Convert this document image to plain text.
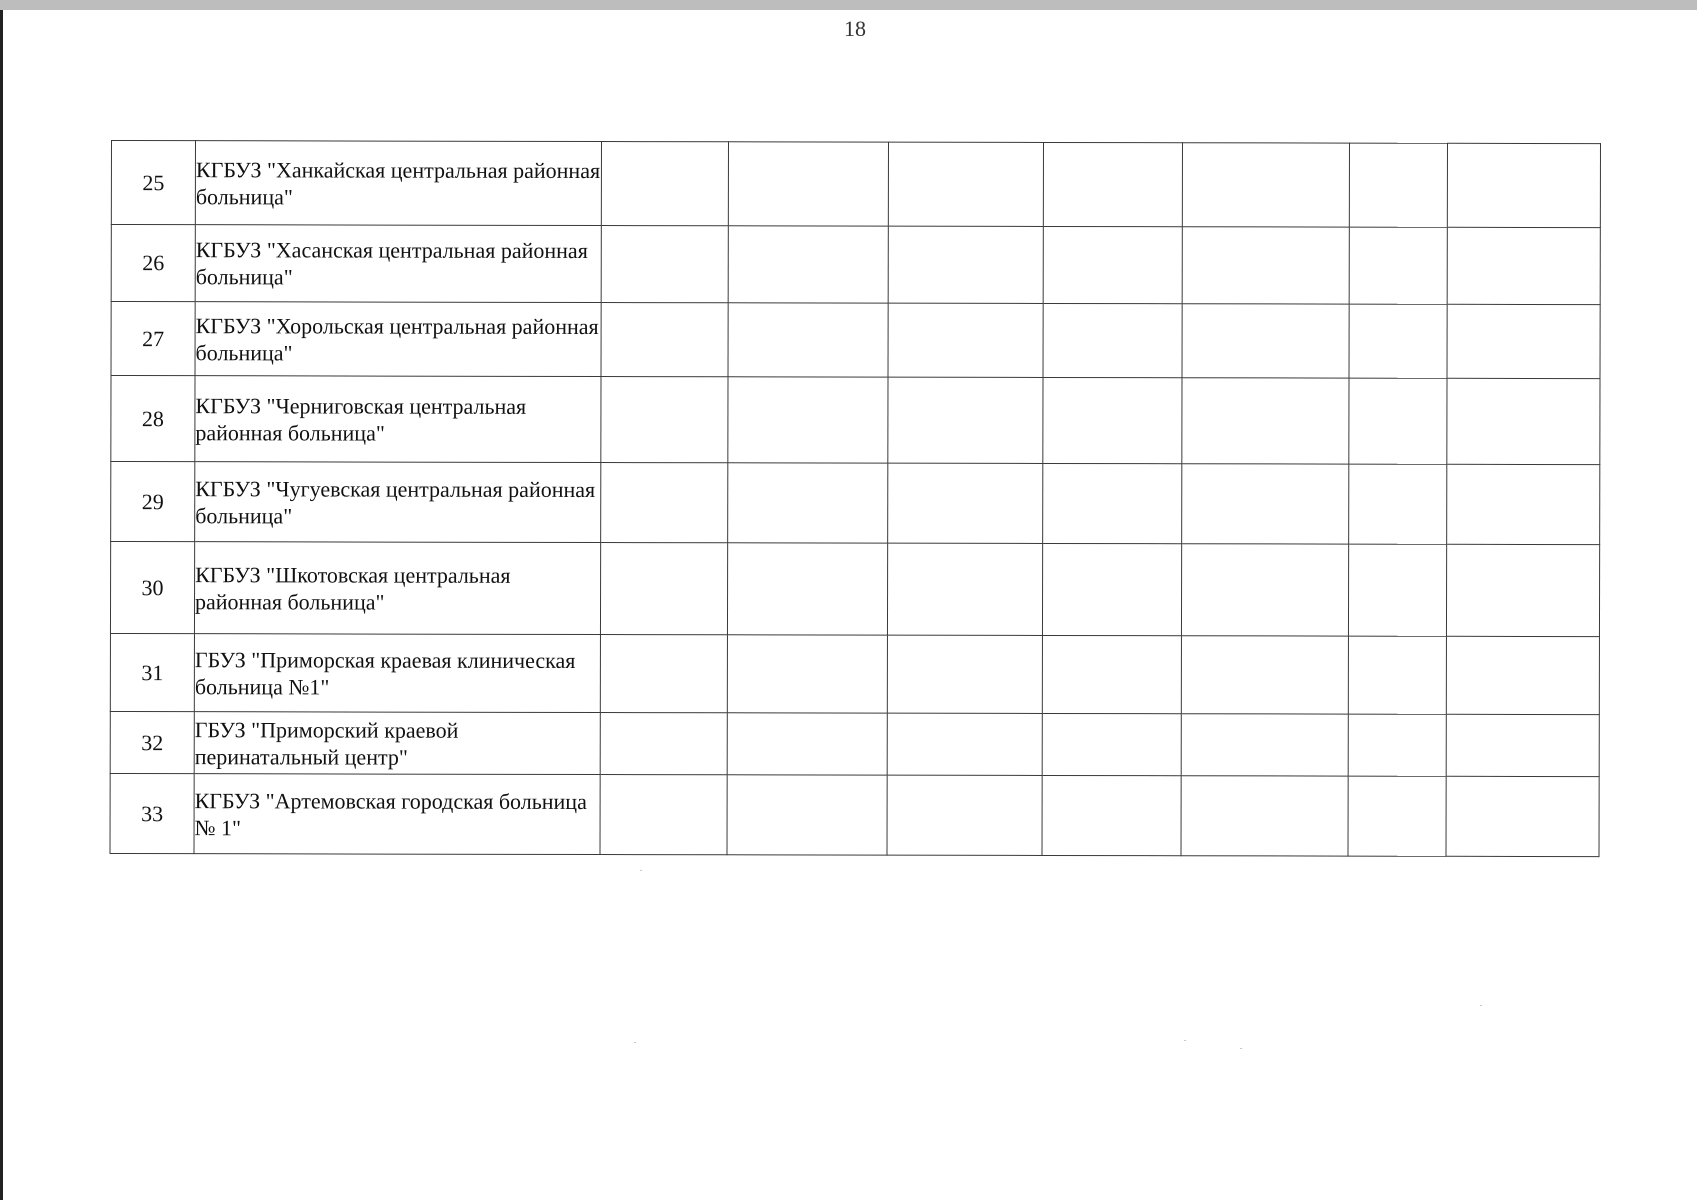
18
25	КГБУЗ "Ханкайская центральная районная больница"							

26	КГБУЗ "Хасанская центральная районная больница"							

27	КГБУЗ "Хорольская центральная районная больница"							

28	КГБУЗ "Черниговская центральная районная больница"							

29	КГБУЗ "Чугуевская центральная районная больница"							

30	КГБУЗ "Шкотовская центральная районная больница"							

31	ГБУЗ "Приморская краевая клиническая больница №1"							

32	ГБУЗ "Приморский краевой перинатальный центр"							

33	КГБУЗ "Артемовская городская больница № 1"							
